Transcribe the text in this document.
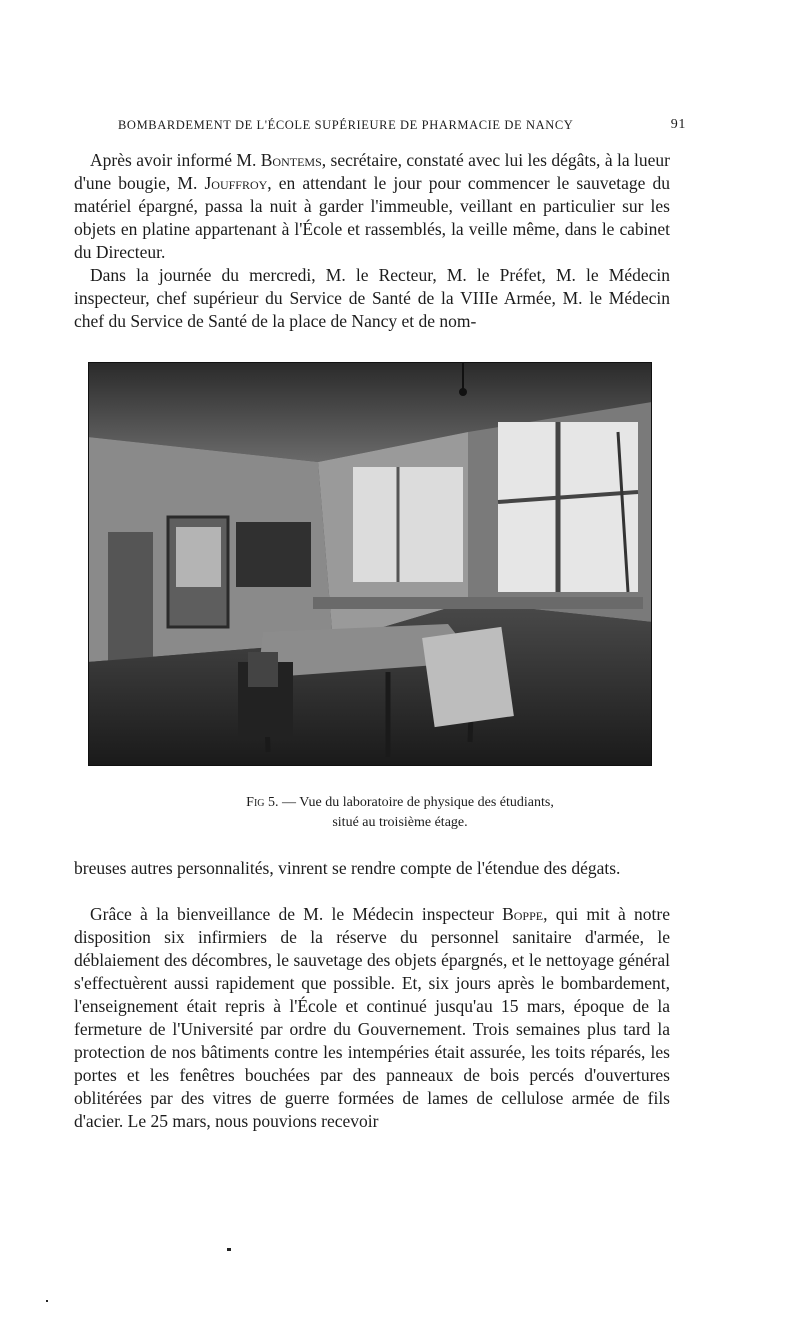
BOMBARDEMENT DE L'ÉCOLE SUPÉRIEURE DE PHARMACIE DE NANCY	91

Après avoir informé M. Bontems, secrétaire, constaté avec lui les dégâts, à la lueur d'une bougie, M. Jouffroy, en attendant le jour pour commencer le sauvetage du matériel épargné, passa la nuit à garder l'immeuble, veillant en particulier sur les objets en platine appartenant à l'École et rassemblés, la veille même, dans le cabinet du Directeur.

Dans la journée du mercredi, M. le Recteur, M. le Préfet, M. le Médecin inspecteur, chef supérieur du Service de Santé de la VIIIe Armée, M. le Médecin chef du Service de Santé de la place de Nancy et de nom-

Fig 5. — Vue du laboratoire de physique des étudiants,
situé au troisième étage.

breuses autres personnalités, vinrent se rendre compte de l'étendue des dégats.

Grâce à la bienveillance de M. le Médecin inspecteur Boppe, qui mit à notre disposition six infirmiers de la réserve du personnel sanitaire d'armée, le déblaiement des décombres, le sauvetage des objets épargnés, et le nettoyage général s'effectuèrent aussi rapidement que possible. Et, six jours après le bombardement, l'enseignement était repris à l'École et continué jusqu'au 15 mars, époque de la fermeture de l'Université par ordre du Gouvernement. Trois semaines plus tard la protection de nos bâtiments contre les intempéries était assurée, les toits réparés, les portes et les fenêtres bouchées par des panneaux de bois percés d'ouvertures oblitérées par des vitres de guerre formées de lames de cellulose armée de fils d'acier. Le 25 mars, nous pouvions recevoir
